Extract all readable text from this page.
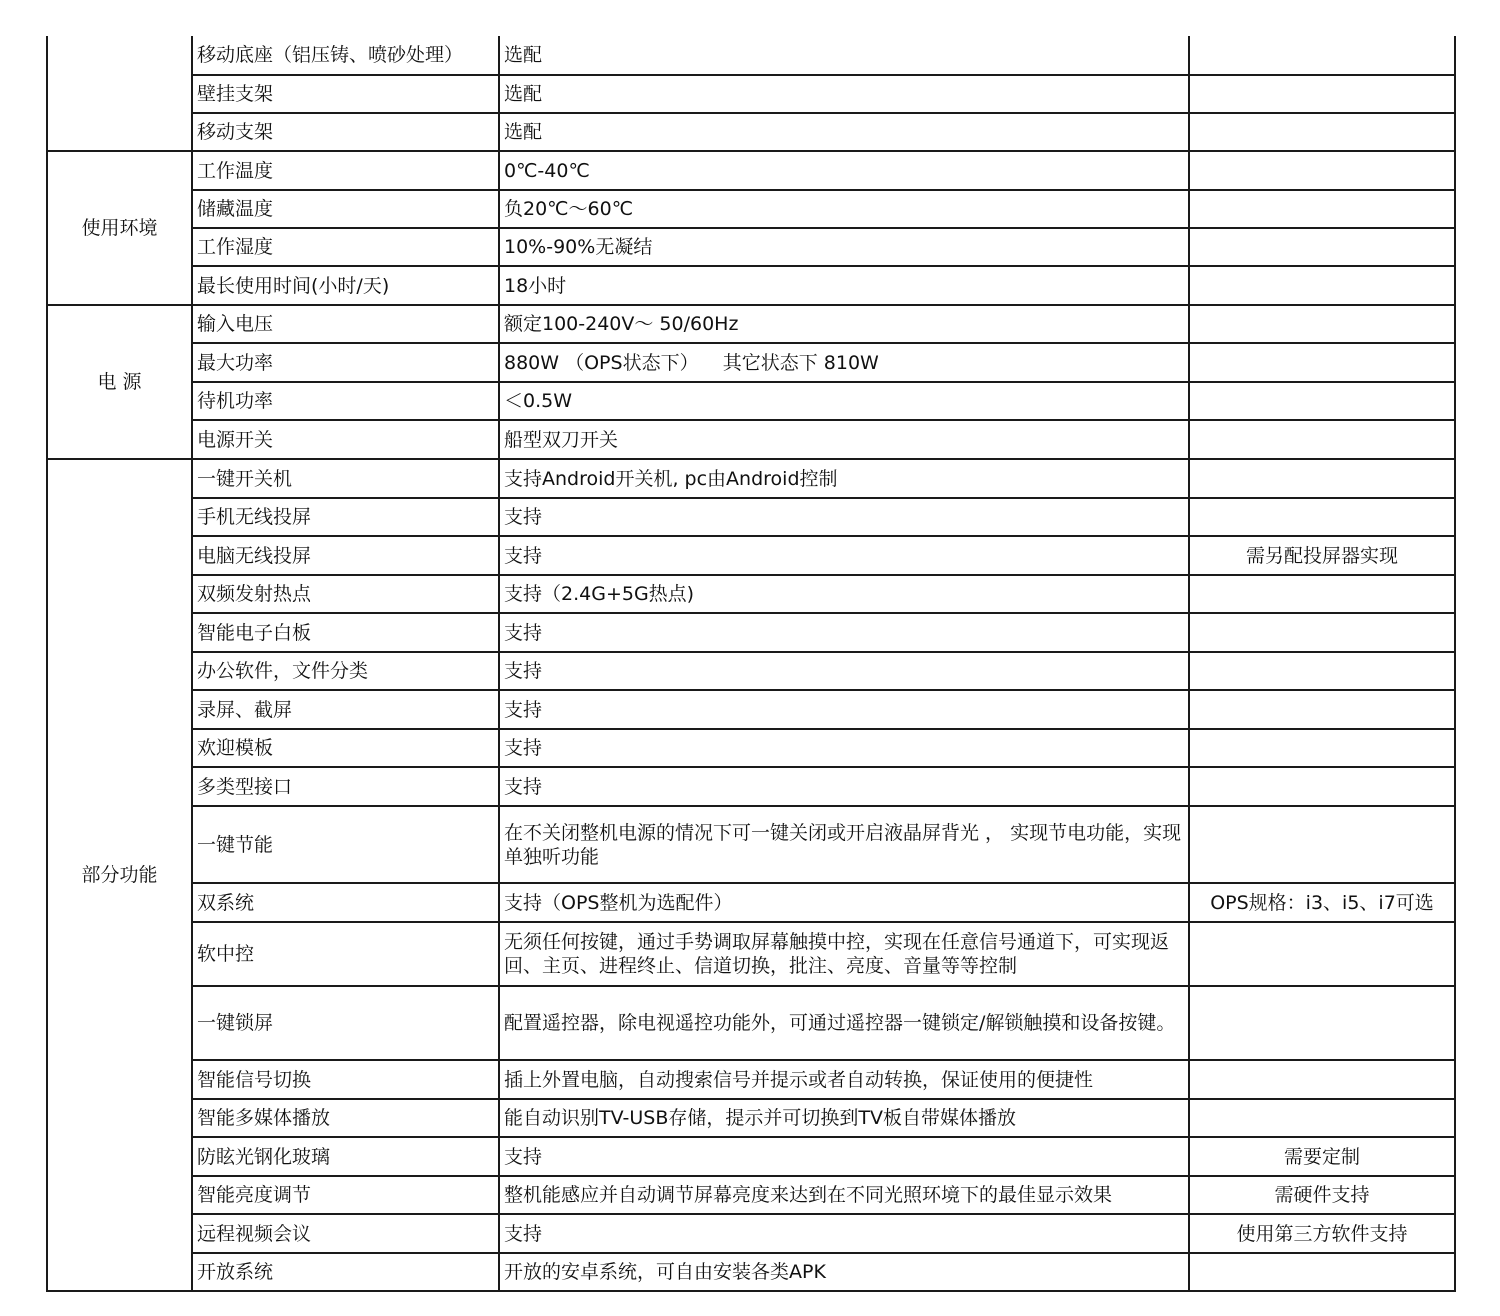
	移动底座（铝压铸、喷砂处理）	选配	
	壁挂支架	选配	
	移动支架	选配	
使用环境	工作温度	0℃-40℃	
	储藏温度	负20℃～60℃	
	工作湿度	10%-90%无凝结	
	最长使用时间(小时/天)	18小时	
电 源	输入电压	额定100-240V～ 50/60Hz	
	最大功率	880W （OPS状态下）    其它状态下 810W	
	待机功率	＜0.5W	
	电源开关	船型双刀开关	
部分功能	一键开关机	支持Android开关机, pc由Android控制	
	手机无线投屏	支持	
	电脑无线投屏	支持	需另配投屏器实现
	双频发射热点	支持（2.4G+5G热点)	
	智能电子白板	支持	
	办公软件，文件分类	支持	
	录屏、截屏	支持	
	欢迎模板	支持	
	多类型接口	支持	
	一键节能	在不关闭整机电源的情况下可一键关闭或开启液晶屏背光 ， 实现节电功能，实现单独听功能	
	双系统	支持（OPS整机为选配件）	OPS规格：i3、i5、i7可选
	软中控	无须任何按键，通过手势调取屏幕触摸中控，实现在任意信号通道下，可实现返回、主页、进程终止、信道切换，批注、亮度、音量等等控制	
	一键锁屏	配置遥控器，除电视遥控功能外，可通过遥控器一键锁定/解锁触摸和设备按键。	
	智能信号切换	插上外置电脑，自动搜索信号并提示或者自动转换，保证使用的便捷性	
	智能多媒体播放	能自动识别TV-USB存储，提示并可切换到TV板自带媒体播放	
	防眩光钢化玻璃	支持	需要定制
	智能亮度调节	整机能感应并自动调节屏幕亮度来达到在不同光照环境下的最佳显示效果	需硬件支持
	远程视频会议	支持	使用第三方软件支持
	开放系统	开放的安卓系统，可自由安装各类APK	
